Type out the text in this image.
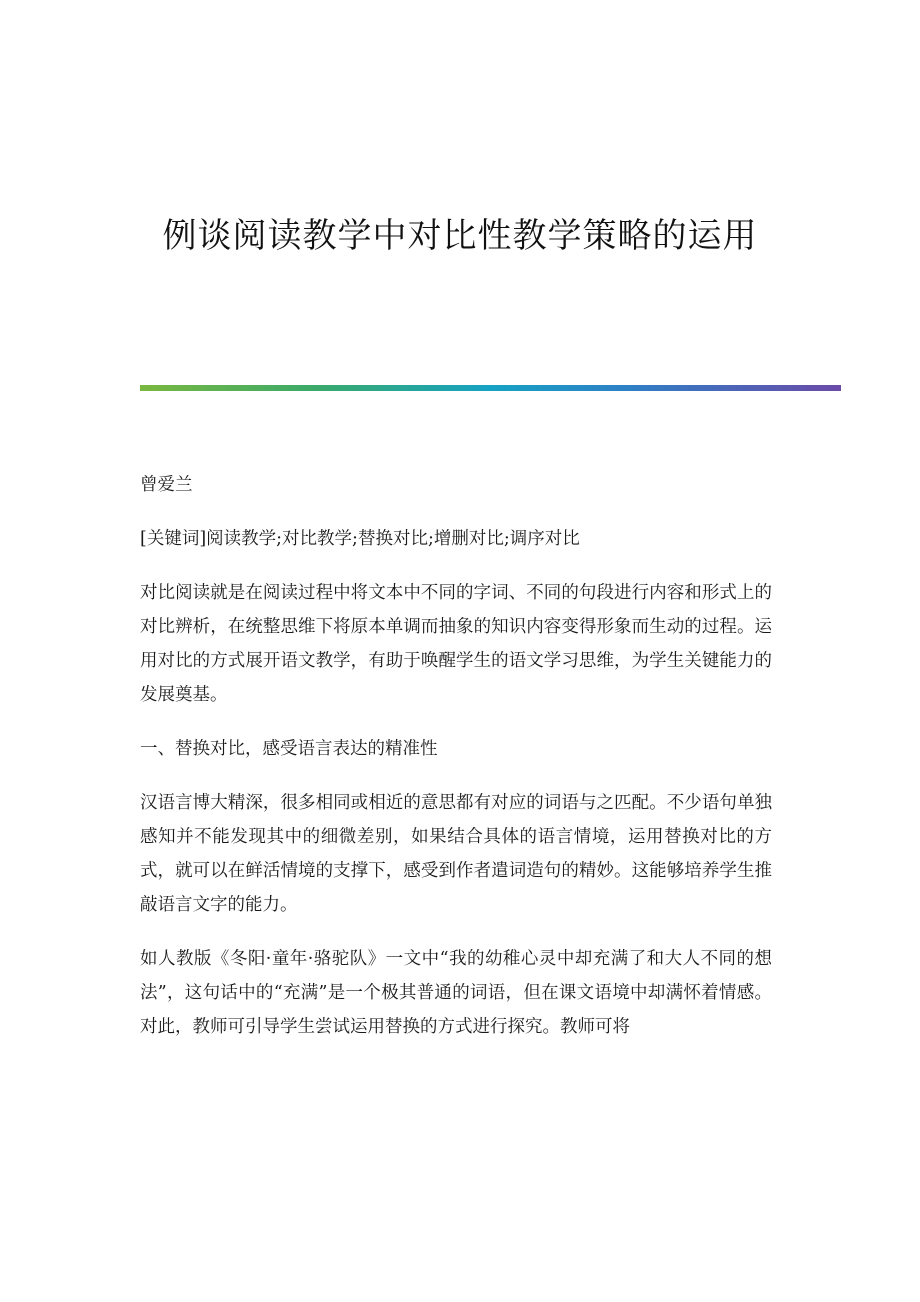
例谈阅读教学中对比性教学策略的运用

曾爱兰

[关键词]阅读教学;对比教学;替换对比;增删对比;调序对比

对比阅读就是在阅读过程中将文本中不同的字词、不同的句段进行内容和形式上的对比辨析，在统整思维下将原本单调而抽象的知识内容变得形象而生动的过程。运用对比的方式展开语文教学，有助于唤醒学生的语文学习思维，为学生关键能力的发展奠基。

一、替换对比，感受语言表达的精准性

汉语言博大精深，很多相同或相近的意思都有对应的词语与之匹配。不少语句单独感知并不能发现其中的细微差别，如果结合具体的语言情境，运用替换对比的方式，就可以在鲜活情境的支撑下，感受到作者遣词造句的精妙。这能够培养学生推敲语言文字的能力。

如人教版《冬阳·童年·骆驼队》一文中“我的幼稚心灵中却充满了和大人不同的想法”，这句话中的“充满”是一个极其普通的词语，但在课文语境中却满怀着情感。对此，教师可引导学生尝试运用替换的方式进行探究。教师可将
